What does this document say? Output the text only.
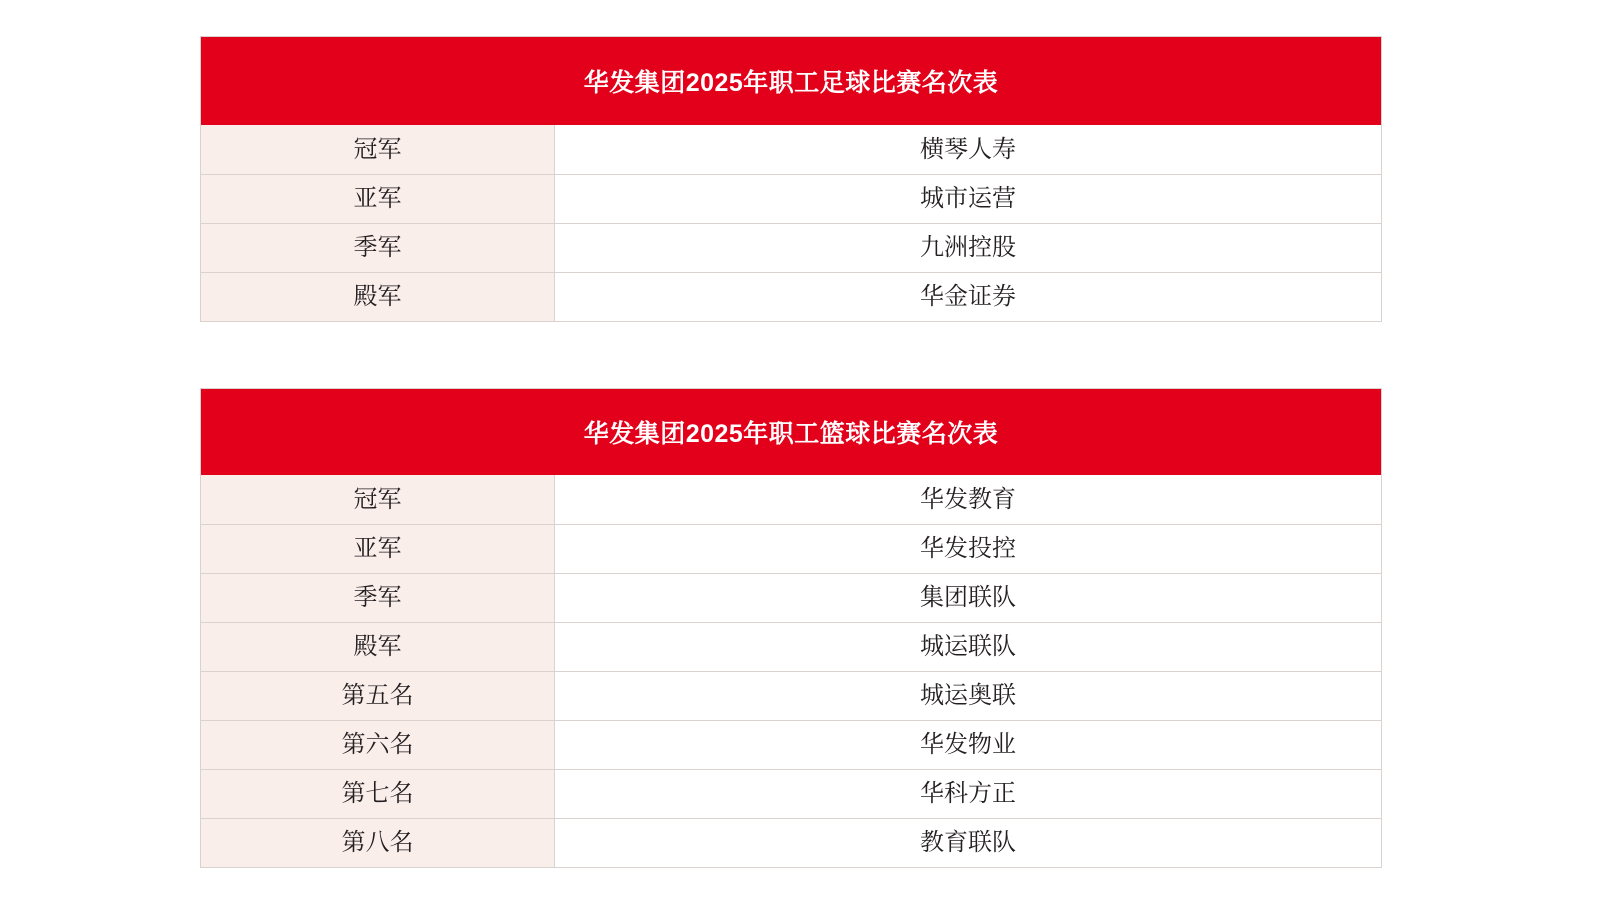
华发集团2025年职工足球比赛名次表
冠军	横琴人寿
亚军	城市运营
季军	九洲控股
殿军	华金证券
华发集团2025年职工篮球比赛名次表
冠军	华发教育
亚军	华发投控
季军	集团联队
殿军	城运联队
第五名	城运奥联
第六名	华发物业
第七名	华科方正
第八名	教育联队
